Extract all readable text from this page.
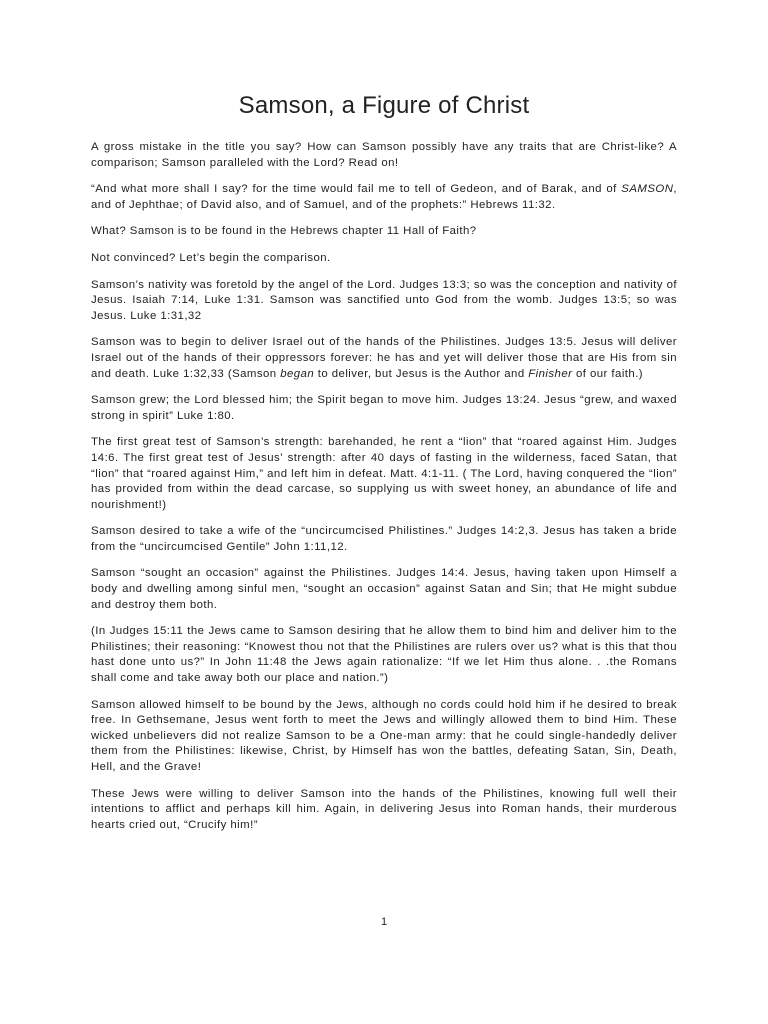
Samson, a Figure of Christ

A gross mistake in the title you say? How can Samson possibly have any traits that are Christ-like? A comparison; Samson paralleled with the Lord? Read on!

“And what more shall I say? for the time would fail me to tell of Gedeon, and of Barak, and of SAMSON, and of Jephthae; of David also, and of Samuel, and of the prophets:” Hebrews 11:32.

What? Samson is to be found in the Hebrews chapter 11 Hall of Faith?

Not convinced? Let’s begin the comparison.

Samson’s nativity was foretold by the angel of the Lord. Judges 13:3; so was the conception and nativity of Jesus. Isaiah 7:14, Luke 1:31. Samson was sanctified unto God from the womb. Judges 13:5; so was Jesus. Luke 1:31,32

Samson was to begin to deliver Israel out of the hands of the Philistines. Judges 13:5. Jesus will deliver Israel out of the hands of their oppressors forever: he has and yet will deliver those that are His from sin and death. Luke 1:32,33 (Samson began to deliver, but Jesus is the Author and Finisher of our faith.)

Samson grew; the Lord blessed him; the Spirit began to move him. Judges 13:24. Jesus “grew, and waxed strong in spirit” Luke 1:80.

The first great test of Samson’s strength: barehanded, he rent a “lion” that “roared against Him. Judges 14:6. The first great test of Jesus’ strength: after 40 days of fasting in the wilderness, faced Satan, that “lion” that “roared against Him,” and left him in defeat. Matt. 4:1-11. ( The Lord, having conquered the “lion” has provided from within the dead carcase, so supplying us with sweet honey, an abundance of life and nourishment!)

Samson desired to take a wife of the “uncircumcised Philistines.” Judges 14:2,3. Jesus has taken a bride from the “uncircumcised Gentile” John 1:11,12.

Samson “sought an occasion” against the Philistines. Judges 14:4. Jesus, having taken upon Himself a body and dwelling among sinful men, “sought an occasion” against Satan and Sin; that He might subdue and destroy them both.

(In Judges 15:11 the Jews came to Samson desiring that he allow them to bind him and deliver him to the Philistines; their reasoning: “Knowest thou not that the Philistines are rulers over us? what is this that thou hast done unto us?” In John 11:48 the Jews again rationalize: “If we let Him thus alone. . .the Romans shall come and take away both our place and nation.”)

Samson allowed himself to be bound by the Jews, although no cords could hold him if he desired to break free. In Gethsemane, Jesus went forth to meet the Jews and willingly allowed them to bind Him. These wicked unbelievers did not realize Samson to be a One-man army: that he could single-handedly deliver them from the Philistines: likewise, Christ, by Himself has won the battles, defeating Satan, Sin, Death, Hell, and the Grave!

These Jews were willing to deliver Samson into the hands of the Philistines, knowing full well their intentions to afflict and perhaps kill him. Again, in delivering Jesus into Roman hands, their murderous hearts cried out, “Crucify him!”

1
